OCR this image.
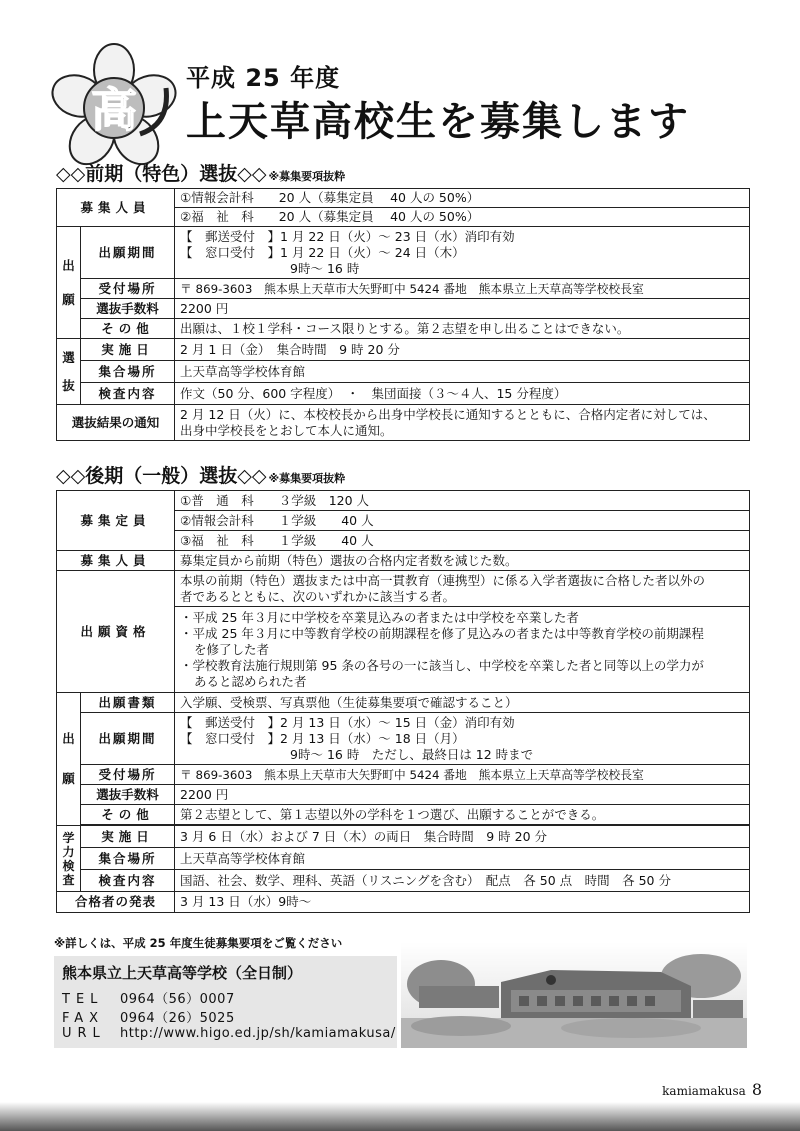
高
平成 25 年度
上天草高校生を募集します
◇◇前期（特色）選抜◇◇ ※募集要項抜粋
募集人員		①情報会計科　　20 人（募集定員　 40 人の 50%）
		②福　祉　科　　20 人（募集定員　 40 人の 50%）

出
願	出願期間	【　郵送受付　】1 月 22 日（火）～ 23 日（水）消印有効
【　窓口受付　】1 月 22 日（火）～ 24 日（木）
9時～ 16 時

	受付場所	〒 869-3603　熊本県上天草市大矢野町中 5424 番地　熊本県立上天草高等学校校長室
	選抜手数料	2200 円
	その他	出願は、１校１学科・コース限りとする。第２志望を申し出ることはできない。

選
抜	実施日	2 月 1 日（金）　集合時間　9 時 20 分
	集合場所	上天草高等学校体育館
	検査内容	作文（50 分、600 字程度）　・　集団面接（３～４人、15 分程度）
選抜結果の通知		2 月 12 日（火）に、本校校長から出身中学校長に通知するとともに、合格内定者に対しては、
出身中学校長をとおして本人に通知。
◇◇後期（一般）選抜◇◇ ※募集要項抜粋
募集定員		①普　通　科　　３学級　120 人
		②情報会計科　　１学級　　40 人
		③福　祉　科　　１学級　　40 人
募集人員		募集定員から前期（特色）選抜の合格内定者数を減じた数。
出願資格		本県の前期（特色）選抜または中高一貫教育（連携型）に係る入学者選抜に合格した者以外の
者であるとともに、次のいずれかに該当する者。

		・平成 25 年３月に中学校を卒業見込みの者または中学校を卒業した者
・平成 25 年３月に中等教育学校の前期課程を修了見込みの者または中等教育学校の前期課程
を修了した者
・学校教育法施行規則第 95 条の各号の一に該当し、中学校を卒業した者と同等以上の学力が
あると認められた者

出
願	出願書類	入学願、受検票、写真票他（生徒募集要項で確認すること）
	出願期間	【　郵送受付　】2 月 13 日（水）～ 15 日（金）消印有効
【　窓口受付　】2 月 13 日（水）～ 18 日（月）
9時～ 16 時　ただし、最終日は 12 時まで

	受付場所	〒 869-3603　熊本県上天草市大矢野町中 5424 番地　熊本県立上天草高等学校校長室
	選抜手数料	2200 円
	その他	第２志望として、第１志望以外の学科を１つ選び、出願することができる。

学
力
検
査	実施日	3 月 6 日（水）および 7 日（木）の両日　集合時間　9 時 20 分
	集合場所	上天草高等学校体育館
	検査内容	国語、社会、数学、理科、英語（リスニングを含む）　配点　各 50 点　時間　各 50 分
合格者の発表		3 月 13 日（水）9時～
※詳しくは、平成 25 年度生徒募集要項をご覧ください
熊本県立上天草高等学校（全日制）
TEL 0964（56）0007
FAX 0964（26）5025
URL http://www.higo.ed.jp/sh/kamiamakusa/
kamiamakusa 8
